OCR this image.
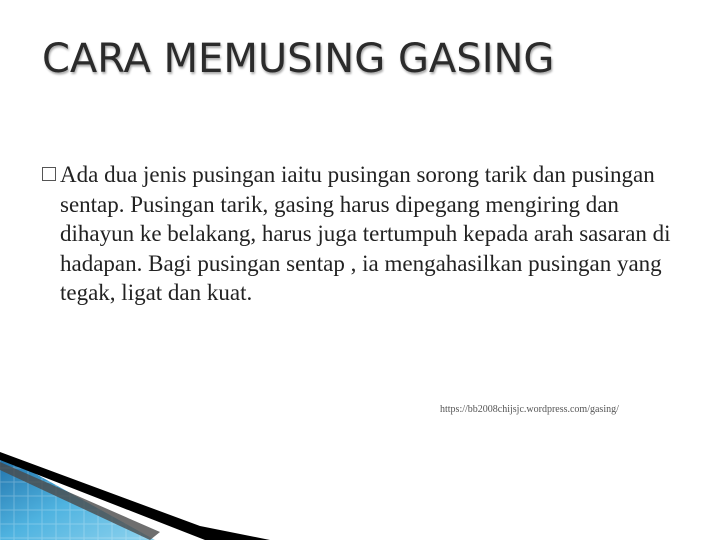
CARA MEMUSING GASING
Ada dua jenis pusingan iaitu pusingan sorong tarik dan pusingan sentap. Pusingan tarik, gasing harus dipegang mengiring dan dihayun ke belakang, harus juga tertumpuh kepada arah sasaran di hadapan. Bagi pusingan sentap , ia mengahasilkan pusingan yang tegak, ligat dan kuat.
https://bb2008chijsjc.wordpress.com/gasing/
